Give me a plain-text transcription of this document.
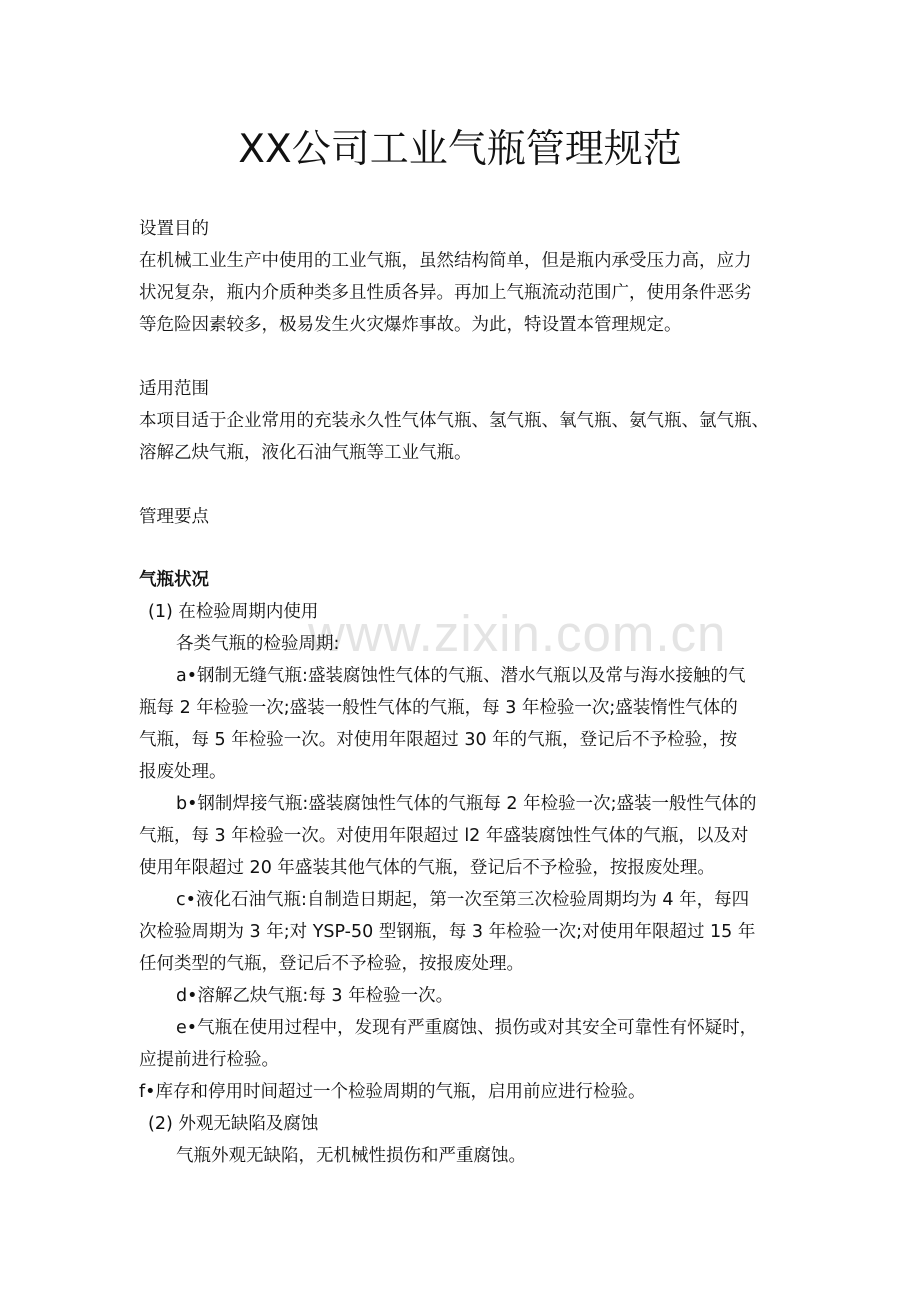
www.zixin.com.cn
XX公司工业气瓶管理规范

设置目的

在机械工业生产中使用的工业气瓶，虽然结构简单，但是瓶内承受压力高，应力

状况复杂，瓶内介质种类多且性质各异。再加上气瓶流动范围广，使用条件恶劣

等危险因素较多，极易发生火灾爆炸事故。为此，特设置本管理规定。

适用范围

本项目适于企业常用的充装永久性气体气瓶、氢气瓶、氧气瓶、氨气瓶、氩气瓶、

溶解乙炔气瓶，液化石油气瓶等工业气瓶。

管理要点

气瓶状况

(1) 在检验周期内使用

各类气瓶的检验周期:

a•钢制无缝气瓶:盛装腐蚀性气体的气瓶、潜水气瓶以及常与海水接触的气

瓶每 2 年检验一次;盛装一般性气体的气瓶，每 3 年检验一次;盛装惰性气体的

气瓶，每 5 年检验一次。对使用年限超过 30 年的气瓶，登记后不予检验，按

报废处理。

b•钢制焊接气瓶:盛装腐蚀性气体的气瓶每 2 年检验一次;盛装一般性气体的

气瓶，每 3 年检验一次。对使用年限超过 l2 年盛装腐蚀性气体的气瓶，以及对

使用年限超过 20 年盛装其他气体的气瓶，登记后不予检验，按报废处理。

c•液化石油气瓶:自制造日期起，第一次至第三次检验周期均为 4 年，每四

次检验周期为 3 年;对 YSP-50 型钢瓶，每 3 年检验一次;对使用年限超过 15 年

任何类型的气瓶，登记后不予检验，按报废处理。

d•溶解乙炔气瓶:每 3 年检验一次。

e•气瓶在使用过程中，发现有严重腐蚀、损伤或对其安全可靠性有怀疑时，

应提前进行检验。

f•库存和停用时间超过一个检验周期的气瓶，启用前应进行检验。

(2) 外观无缺陷及腐蚀

气瓶外观无缺陷，无机械性损伤和严重腐蚀。
